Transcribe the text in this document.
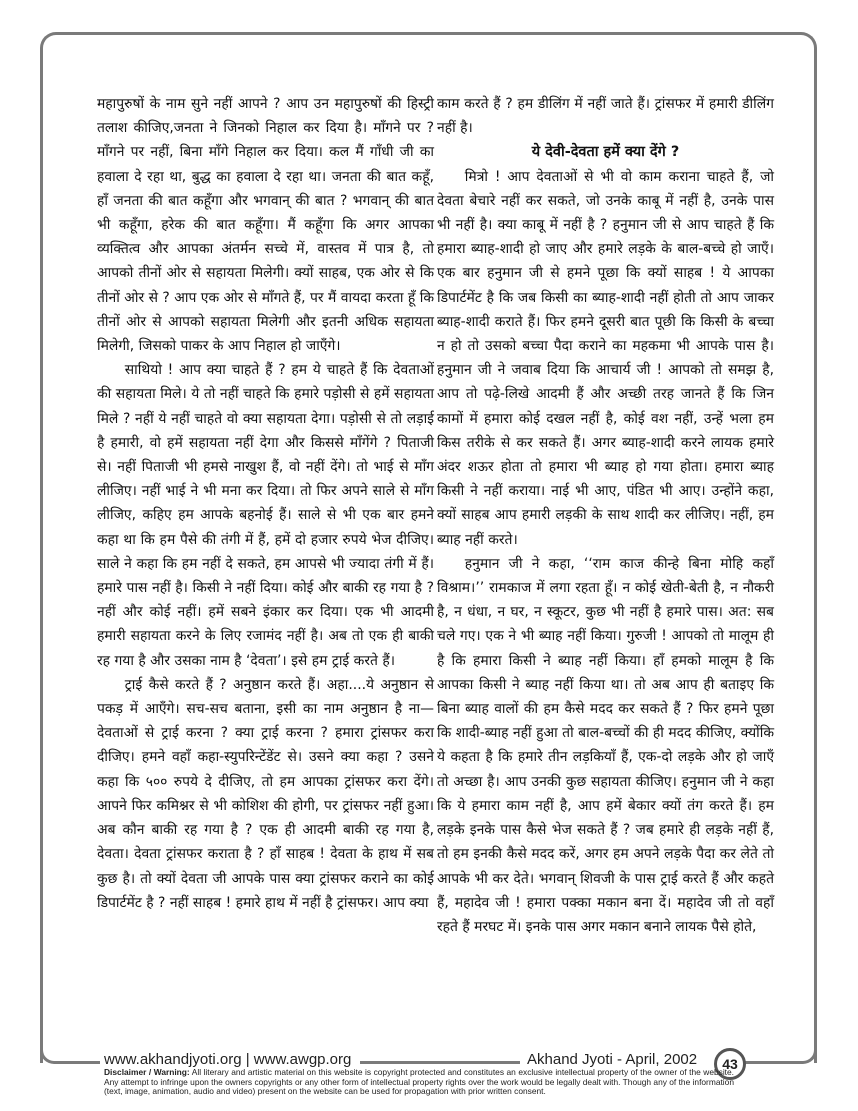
महापुरुषों के नाम सुने नहीं आपने ? आप उन महापुरुषों की हिस्ट्री तलाश कीजिए,जनता ने जिनको निहाल कर दिया है। माँगने पर ? माँगने पर नहीं, बिना माँगे निहाल कर दिया। कल मैं गाँधी जी का हवाला दे रहा था, बुद्ध का हवाला दे रहा था। जनता की बात कहूँ, हाँ जनता की बात कहूँगा और भगवान् की बात ? भगवान् की बात भी कहूँगा, हरेक की बात कहूँगा। मैं कहूँगा कि अगर आपका व्यक्तित्व और आपका अंतर्मन सच्चे में, वास्तव में पात्र है, तो आपको तीनों ओर से सहायता मिलेगी। क्यों साहब, एक ओर से कि तीनों ओर से ? आप एक ओर से माँगते हैं, पर मैं वायदा करता हूँ कि तीनों ओर से आपको सहायता मिलेगी और इतनी अधिक सहायता मिलेगी, जिसको पाकर के आप निहाल हो जाएँगे।

साथियो ! आप क्या चाहते हैं ? हम ये चाहते हैं कि देवताओं की सहायता मिले। ये तो नहीं चाहते कि हमारे पड़ोसी से हमें सहायता मिले ? नहीं ये नहीं चाहते वो क्या सहायता देगा। पड़ोसी से तो लड़ाई है हमारी, वो हमें सहायता नहीं देगा और किससे माँगेंगे ? पिताजी से। नहीं पिताजी भी हमसे नाखुश हैं, वो नहीं देंगे। तो भाई से माँग लीजिए। नहीं भाई ने भी मना कर दिया। तो फिर अपने साले से माँग लीजिए, कहिए हम आपके बहनोई हैं। साले से भी एक बार हमने कहा था कि हम पैसे की तंगी में हैं, हमें दो हजार रुपये भेज दीजिए। साले ने कहा कि हम नहीं दे सकते, हम आपसे भी ज्यादा तंगी में हैं। हमारे पास नहीं है। किसी ने नहीं दिया। कोई और बाकी रह गया है ? नहीं और कोई नहीं। हमें सबने इंकार कर दिया। एक भी आदमी हमारी सहायता करने के लिए रजामंद नहीं है। अब तो एक ही बाकी रह गया है और उसका नाम है ‘देवता’। इसे हम ट्राई करते हैं।

ट्राई कैसे करते हैं ? अनुष्ठान करते हैं। अहा....ये अनुष्ठान से पकड़ में आएँगे। सच-सच बताना, इसी का नाम अनुष्ठान है ना—देवताओं से ट्राई करना ? क्या ट्राई करना ? हमारा ट्रांसफर करा दीजिए। हमने वहाँ कहा-स्युपरिन्टेंडेंट से। उसने क्या कहा ? उसने कहा कि ५०० रुपये दे दीजिए, तो हम आपका ट्रांसफर करा देंगे। आपने फिर कमिश्नर से भी कोशिश की होगी, पर ट्रांसफर नहीं हुआ। अब कौन बाकी रह गया है ? एक ही आदमी बाकी रह गया है, देवता। देवता ट्रांसफर कराता है ? हाँ साहब ! देवता के हाथ में सब कुछ है। तो क्यों देवता जी आपके पास क्या ट्रांसफर कराने का कोई डिपार्टमेंट है ? नहीं साहब ! हमारे हाथ में नहीं है ट्रांसफर। आप क्या

काम करते हैं ? हम डीलिंग में नहीं जाते हैं। ट्रांसफर में हमारी डीलिंग नहीं है।

ये देवी-देवता हमें क्या देंगे ?

मित्रो ! आप देवताओं से भी वो काम कराना चाहते हैं, जो देवता बेचारे नहीं कर सकते, जो उनके काबू में नहीं है, उनके पास भी नहीं है। क्या काबू में नहीं है ? हनुमान जी से आप चाहते हैं कि हमारा ब्याह-शादी हो जाए और हमारे लड़के के बाल-बच्चे हो जाएँ। एक बार हनुमान जी से हमने पूछा कि क्यों साहब ! ये आपका डिपार्टमेंट है कि जब किसी का ब्याह-शादी नहीं होती तो आप जाकर ब्याह-शादी कराते हैं। फिर हमने दूसरी बात पूछी कि किसी के बच्चा न हो तो उसको बच्चा पैदा कराने का महकमा भी आपके पास है। हनुमान जी ने जवाब दिया कि आचार्य जी ! आपको तो समझ है, आप तो पढ़े-लिखे आदमी हैं और अच्छी तरह जानते हैं कि जिन कामों में हमारा कोई दखल नहीं है, कोई वश नहीं, उन्हें भला हम किस तरीके से कर सकते हैं। अगर ब्याह-शादी करने लायक हमारे अंदर शऊर होता तो हमारा भी ब्याह हो गया होता। हमारा ब्याह किसी ने नहीं कराया। नाई भी आए, पंडित भी आए। उन्होंने कहा, क्यों साहब आप हमारी लड़की के साथ शादी कर लीजिए। नहीं, हम ब्याह नहीं करते।

हनुमान जी ने कहा, ‘‘राम काज कीन्हे बिना मोहि कहाँ विश्राम।’’ रामकाज में लगा रहता हूँ। न कोई खेती-बेती है, न नौकरी है, न धंधा, न घर, न स्कूटर, कुछ भी नहीं है हमारे पास। अत: सब चले गए। एक ने भी ब्याह नहीं किया। गुरुजी ! आपको तो मालूम ही है कि हमारा किसी ने ब्याह नहीं किया। हाँ हमको मालूम है कि आपका किसी ने ब्याह नहीं किया था। तो अब आप ही बताइए कि बिना ब्याह वालों की हम कैसे मदद कर सकते हैं ? फिर हमने पूछा कि शादी-ब्याह नहीं हुआ तो बाल-बच्चों की ही मदद कीजिए, क्योंकि ये कहता है कि हमारे तीन लड़कियाँ हैं, एक-दो लड़के और हो जाएँ तो अच्छा है। आप उनकी कुछ सहायता कीजिए। हनुमान जी ने कहा कि ये हमारा काम नहीं है, आप हमें बेकार क्यों तंग करते हैं। हम लड़के इनके पास कैसे भेज सकते हैं ? जब हमारे ही लड़के नहीं हैं, तो हम इनकी कैसे मदद करें, अगर हम अपने लड़के पैदा कर लेते तो आपके भी कर देते। भगवान् शिवजी के पास ट्राई करते हैं और कहते हैं, महादेव जी ! हमारा पक्का मकान बना दें। महादेव जी तो वहाँ रहते हैं मरघट में। इनके पास अगर मकान बनाने लायक पैसे होते,

www.akhandjyoti.org | www.awgp.org	Akhand Jyoti - April, 2002	43
Disclaimer / Warning: All literary and artistic material on this website is copyright protected and constitutes an exclusive intellectual property of the owner of the website. Any attempt to infringe upon the owners copyrights or any other form of intellectual property rights over the work would be legally dealt with. Though any of the information (text, image, animation, audio and video) present on the website can be used for propagation with prior written consent.
